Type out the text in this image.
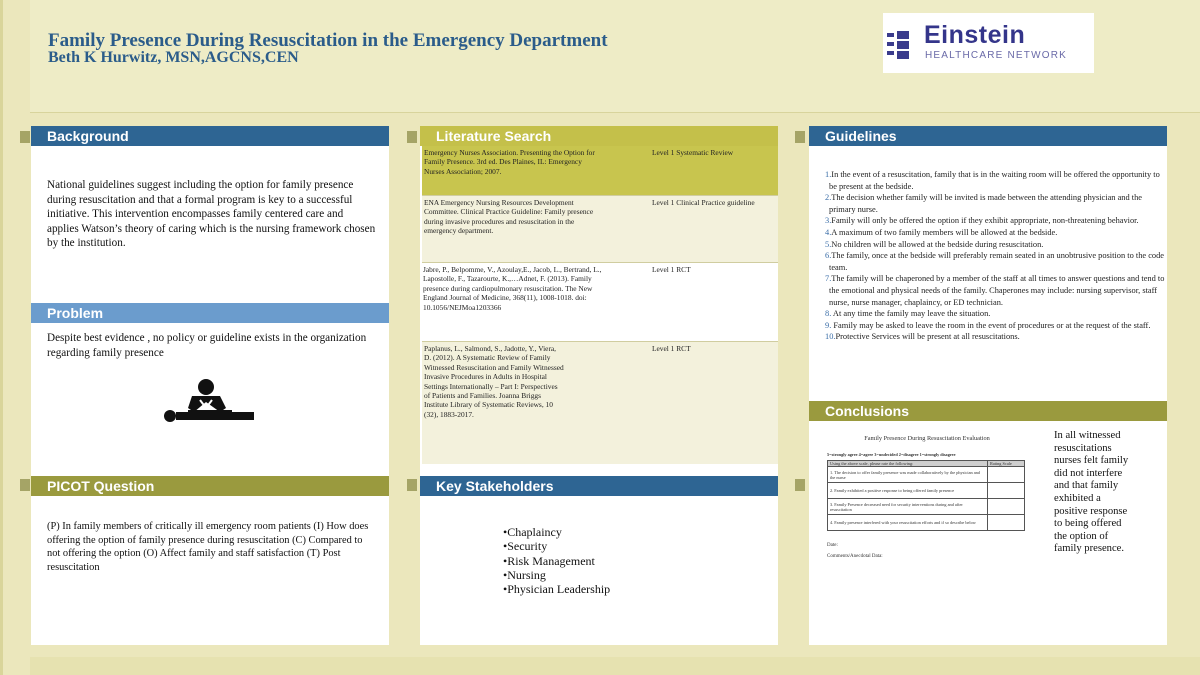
Family Presence During Resuscitation in the Emergency Department
Beth K Hurwitz, MSN,AGCNS,CEN
Einstein
HEALTHCARE NETWORK
Background
National guidelines suggest including the option for family presence during resuscitation and that a formal program is key to a successful initiative. This intervention encompasses family centered care and applies Watson’s theory of caring which is the nursing framework chosen by the institution.
Problem
Despite best evidence , no policy or guideline exists in the organization regarding family presence
PICOT Question
(P) In family members of critically ill emergency room patients (I) How does offering the option of family presence during resuscitation (C) Compared to not offering the option (O) Affect family and staff satisfaction (T) Post resuscitation
Literature Search
Emergency Nurses Association. Presenting the Option for Family Presence. 3rd ed. Des Plaines, IL: Emergency Nurses Association; 2007.
Level 1 Systematic Review
ENA Emergency Nursing Resources Development Committee. Clinical Practice Guideline: Family presence during invasive procedures and resuscitation in the emergency department.
Level 1 Clinical Practice guideline
Jabre, P., Belpomme, V., Azoulay,E., Jacob, L., Bertrand, L., Lapostolle, F., Tazarourte, K.,…Adnet, F. (2013). Family presence during cardiopulmonary resuscitation. The New England Journal of Medicine, 368(11), 1008-1018. doi: 10.1056/NEJMoa1203366
Level 1 RCT
Paplanus, L., Salmond, S., Jadotte, Y., Viera, D. (2012). A Systematic Review of Family Witnessed Resuscitation and Family Witnessed Invasive Procedures in Adults in Hospital Settings Internationally – Part I: Perspectives of Patients and Families. Joanna Briggs Institute Library of Systematic Reviews, 10 (32), 1883-2017.
Level 1 RCT
Key Stakeholders
•Chaplaincy
•Security
•Risk Management
•Nursing
•Physician Leadership
Guidelines
1.In the event of a resuscitation, family that is in the waiting room will be offered the opportunity to be present at the bedside.
2.The decision whether family will be invited is made between the attending physician and the primary nurse.
3.Family will only be offered the option if they exhibit appropriate, non-threatening behavior.
4.A maximum of two family members will be allowed at the bedside.
5.No children will be allowed at the bedside during resuscitation.
6.The family, once at the bedside will preferably remain seated in an unobtrusive position to the code team.
7.The family will be chaperoned by a member of the staff at all times to answer questions and tend to the emotional and physical needs of the family. Chaperones may include: nursing supervisor, staff nurse, nurse manager, chaplaincy, or ED technician.
8. At any time the family may leave the situation.
9. Family may be asked to leave the room in the event of procedures or at the request of the staff.
10.Protective Services will be present at all resuscitations.
Conclusions
Family Presence During Resuscitation Evaluation
5=strongly agree 4=agree 3=undecided 2=disagree 1=strongly disagree
Using the above scale, please rate the following:	Rating Scale
1. The decision to offer family presence was made collaboratively by the physician and the nurse	
2. Family exhibited a positive response to being offered family presence	
3. Family Presence decreased need for security interventions during and after resuscitation	
4. Family presence interfered with your resuscitation efforts and if so describe below	
Date:
Comments/Anecdotal Data:
In all witnessed resuscitations nurses felt family did not interfere and that family exhibited a positive response to being offered the option of family presence.
